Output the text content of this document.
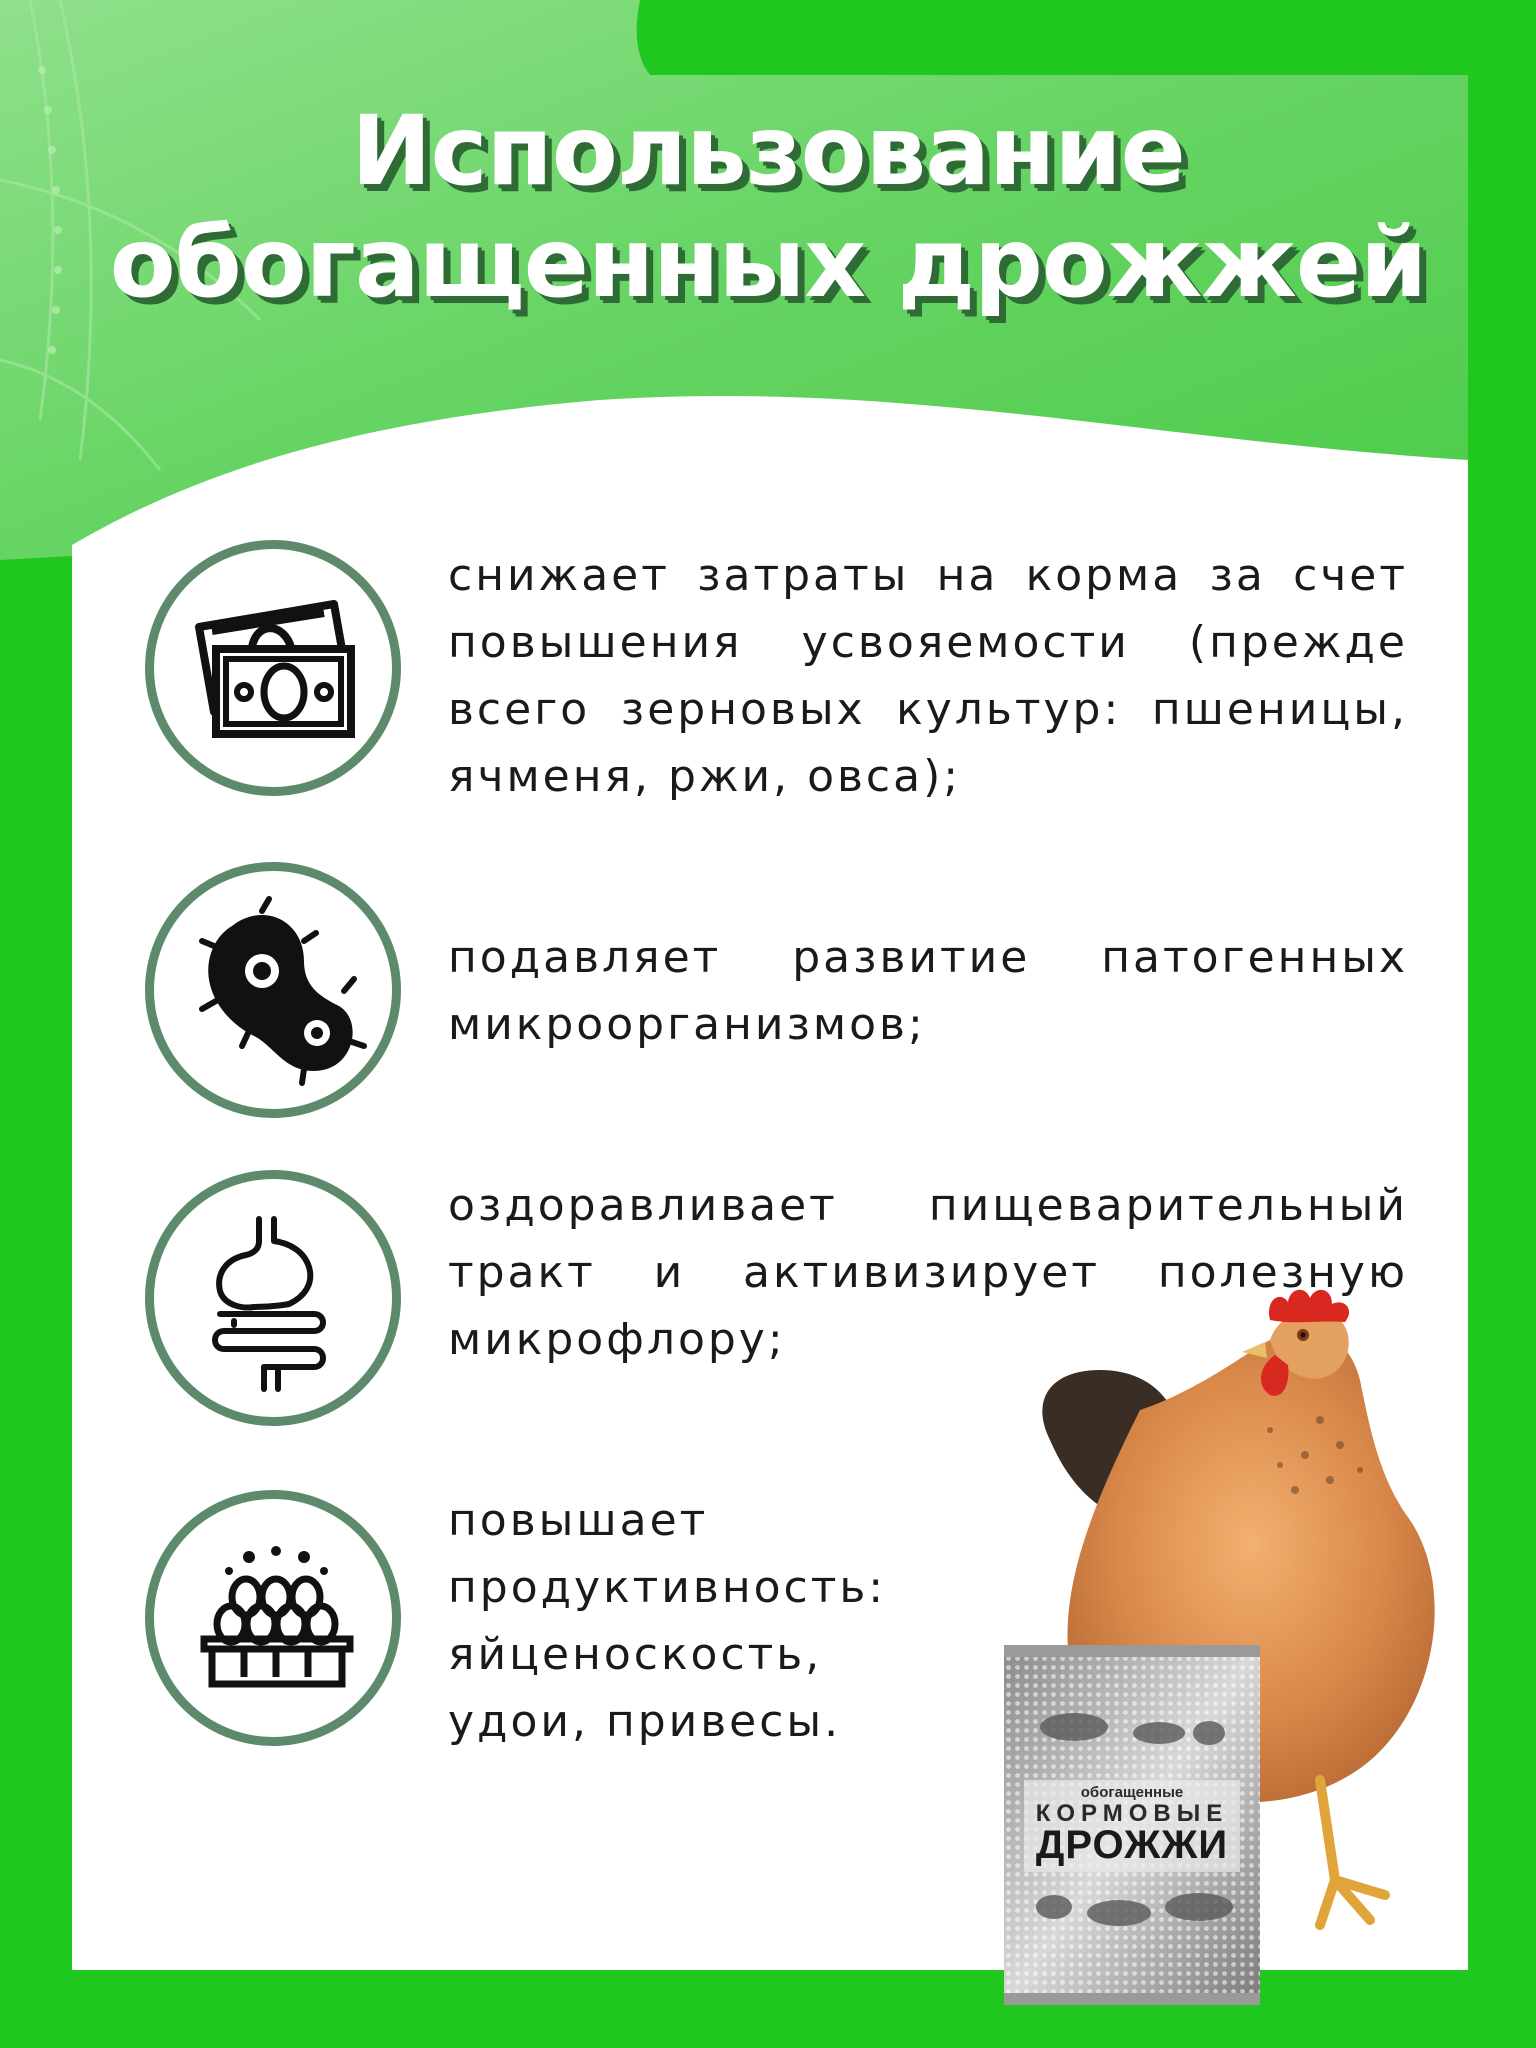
Использование
обогащенных дрожжей
снижает затраты на корма за счет повышения усвояемости (прежде всего зерновых культур: пшеницы, ячменя, ржи, овса);
подавляет развитие патогенных микроорганизмов;
оздоравливает пищеварительный тракт и активизирует полезную микрофлору;
повышает продуктивность: яйценоскость, удои, привесы.
обогащенные
КОРМОВЫЕ
ДРОЖЖИ
